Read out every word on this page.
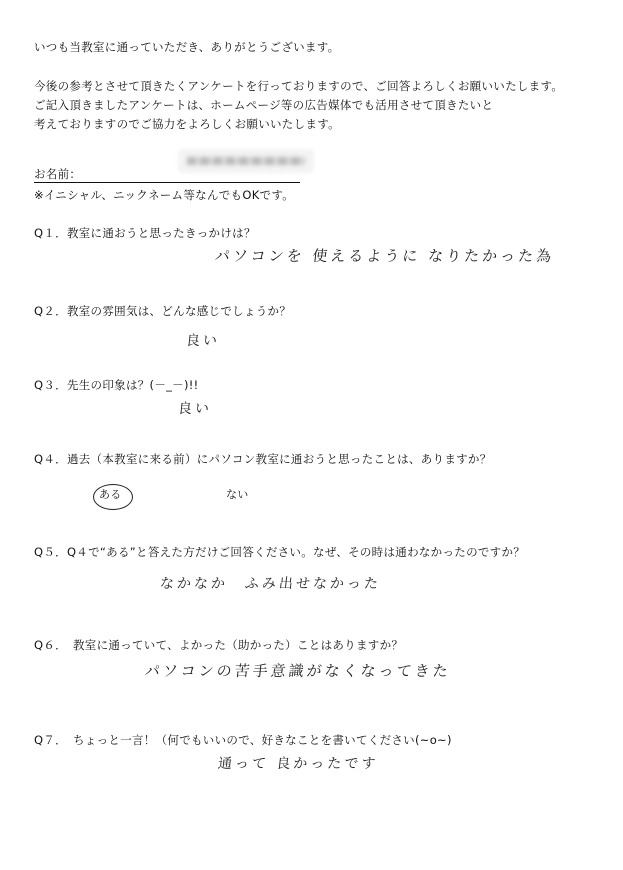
いつも当教室に通っていただき、ありがとうございます。
今後の参考とさせて頂きたくアンケートを行っておりますので、ご回答よろしくお願いいたします。
ご記入頂きましたアンケートは、ホームページ等の広告媒体でも活用させて頂きたいと
考えておりますのでご協力をよろしくお願いいたします。
お名前：
※イニシャル、ニックネーム等なんでもOKです。
Q１．教室に通おうと思ったきっかけは？
パソコンを 使えるように なりたかった為
Q２．教室の雰囲気は、どんな感じでしょうか？
良い
Q３．先生の印象は？(－_－)!!
良い
Q４．過去（本教室に来る前）にパソコン教室に通おうと思ったことは、ありますか？
ある	ない
Q５．Q４で“ある”と答えた方だけご回答ください。なぜ、その時は通わなかったのですか？
なかなか　ふみ出せなかった
Q６．　教室に通っていて、よかった（助かった）ことはありますか？
パソコンの苦手意識がなくなってきた
Q７．　ちょっと一言！（何でもいいので、好きなことを書いてください(~o~)
通って 良かったです
